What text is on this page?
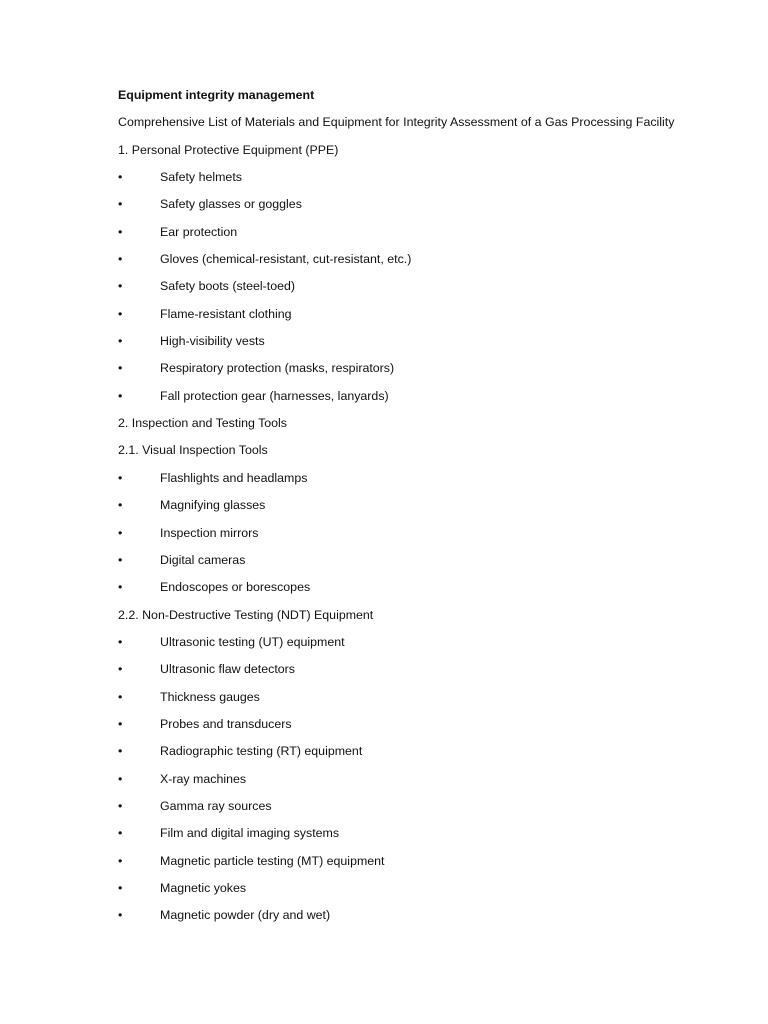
Equipment integrity management
Comprehensive List of Materials and Equipment for Integrity Assessment of a Gas Processing Facility
1. Personal Protective Equipment (PPE)
•	Safety helmets
•	Safety glasses or goggles
•	Ear protection
•	Gloves (chemical-resistant, cut-resistant, etc.)
•	Safety boots (steel-toed)
•	Flame-resistant clothing
•	High-visibility vests
•	Respiratory protection (masks, respirators)
•	Fall protection gear (harnesses, lanyards)
2. Inspection and Testing Tools
2.1. Visual Inspection Tools
•	Flashlights and headlamps
•	Magnifying glasses
•	Inspection mirrors
•	Digital cameras
•	Endoscopes or borescopes
2.2. Non-Destructive Testing (NDT) Equipment
•	Ultrasonic testing (UT) equipment
•	Ultrasonic flaw detectors
•	Thickness gauges
•	Probes and transducers
•	Radiographic testing (RT) equipment
•	X-ray machines
•	Gamma ray sources
•	Film and digital imaging systems
•	Magnetic particle testing (MT) equipment
•	Magnetic yokes
•	Magnetic powder (dry and wet)
